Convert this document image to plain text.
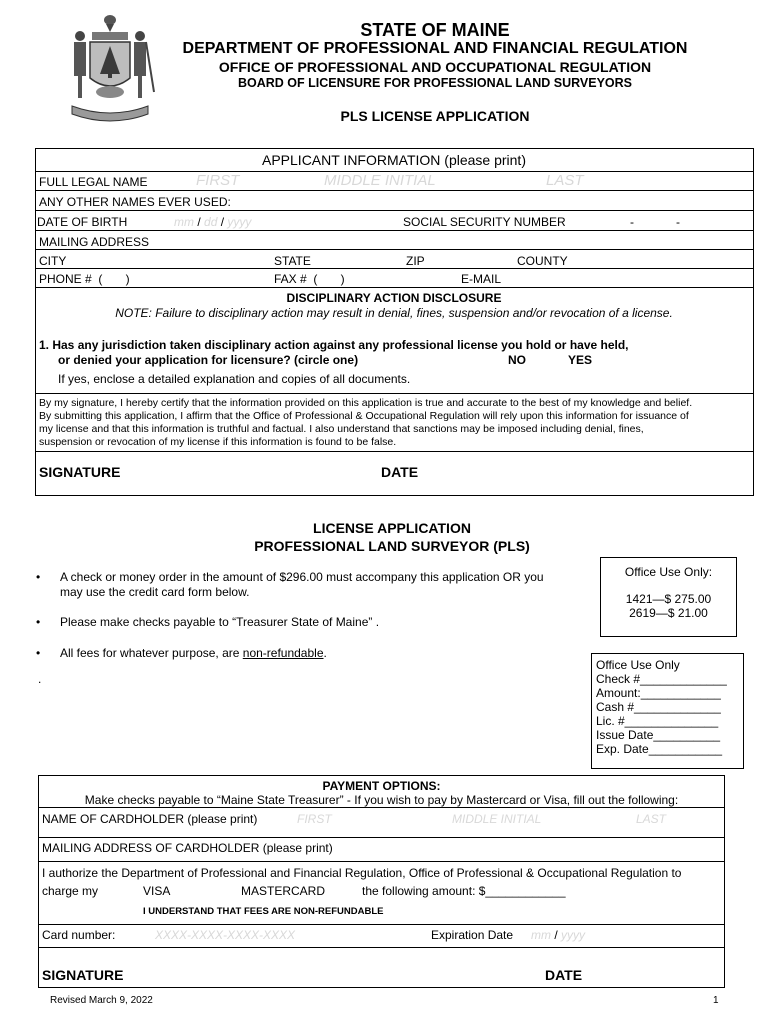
STATE OF MAINE
DEPARTMENT OF PROFESSIONAL AND FINANCIAL REGULATION
OFFICE OF PROFESSIONAL AND OCCUPATIONAL REGULATION
BOARD OF LICENSURE FOR PROFESSIONAL LAND SURVEYORS
PLS LICENSE APPLICATION
APPLICANT INFORMATION (please print)
FULL LEGAL NAME	FIRST	MIDDLE INITIAL	LAST
ANY OTHER NAMES EVER USED:
DATE OF BIRTH	mm / dd / yyyy	SOCIAL SECURITY NUMBER	-	-
MAILING ADDRESS
CITY	STATE	ZIP	COUNTY
PHONE #  (       )	FAX #  (       )	E-MAIL
DISCIPLINARY ACTION DISCLOSURE
NOTE: Failure to disciplinary action may result in denial, fines, suspension and/or revocation of a license.
1. Has any jurisdiction taken disciplinary action against any professional license you hold or have held,
or denied your application for licensure? (circle one)	NO	YES
If yes, enclose a detailed explanation and copies of all documents.
By my signature, I hereby certify that the information provided on this application is true and accurate to the best of my knowledge and belief.
By submitting this application, I affirm that the Office of Professional & Occupational Regulation will rely upon this information for issuance of
my license and that this information is truthful and factual. I also understand that sanctions may be imposed including denial, fines,
suspension or revocation of my license if this information is found to be false.
SIGNATURE	DATE
LICENSE APPLICATION
PROFESSIONAL LAND SURVEYOR (PLS)
• A check or money order in the amount of $296.00 must accompany this application OR you
may use the credit card form below.
• Please make checks payable to “Treasurer State of Maine” .
• All fees for whatever purpose, are non-refundable.
.
Office Use Only:
1421—$ 275.00
2619—$ 21.00
Office Use Only
Check #_____________
Amount:____________
Cash #_____________
Lic. #______________
Issue Date__________
Exp. Date___________
PAYMENT OPTIONS:
Make checks payable to “Maine State Treasurer” - If you wish to pay by Mastercard or Visa, fill out the following:
NAME OF CARDHOLDER (please print)	FIRST	MIDDLE INITIAL	LAST
MAILING ADDRESS OF CARDHOLDER (please print)
I authorize the Department of Professional and Financial Regulation, Office of Professional & Occupational Regulation to
charge my	VISA	MASTERCARD	the following amount: $____________
I UNDERSTAND THAT FEES ARE NON-REFUNDABLE
Card number:	XXXX-XXXX-XXXX-XXXX	Expiration Date mm / yyyy
SIGNATURE	DATE
Revised March 9, 2022	1
